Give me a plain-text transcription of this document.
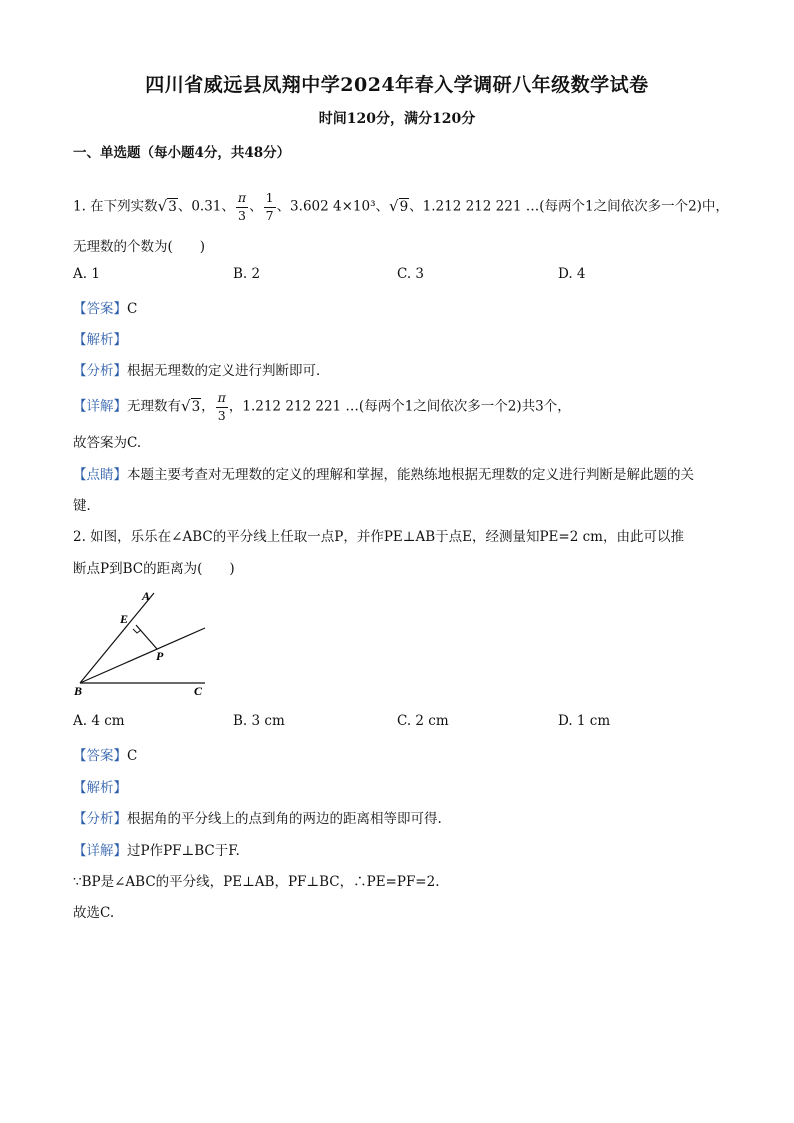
四川省威远县凤翔中学2024年春入学调研八年级数学试卷
时间120分，满分120分
一、单选题（每小题4分，共48分）
1. 在下列实数√3、0.31、 $\frac{\pi}{3}$ 、 $\frac{1}{7}$ 、3.602 4×10³、√9、1.212 212 221 …(每两个1之间依次多一个2)中，
无理数的个数为(　　)
A. 1	B. 2	C. 3	D. 4
【答案】C
【解析】
【分析】根据无理数的定义进行判断即可．
【详解】无理数有√3， $\frac{\pi}{3}$ ，1.212 212 221 …(每两个1之间依次多一个2)共3个，
故答案为C.
【点睛】本题主要考查对无理数的定义的理解和掌握，能熟练地根据无理数的定义进行判断是解此题的关
键．
2. 如图，乐乐在∠ABC的平分线上任取一点P，并作PE⊥AB于点E，经测量知PE=2 cm，由此可以推
断点P到BC的距离为(　　)
A
E
P
B	C
A. 4 cm	B. 3 cm	C. 2 cm	D. 1 cm
【答案】C
【解析】
【分析】根据角的平分线上的点到角的两边的距离相等即可得.
【详解】过P作PF⊥BC于F.
∵BP是∠ABC的平分线，PE⊥AB，PF⊥BC，∴PE=PF=2.
故选C.
